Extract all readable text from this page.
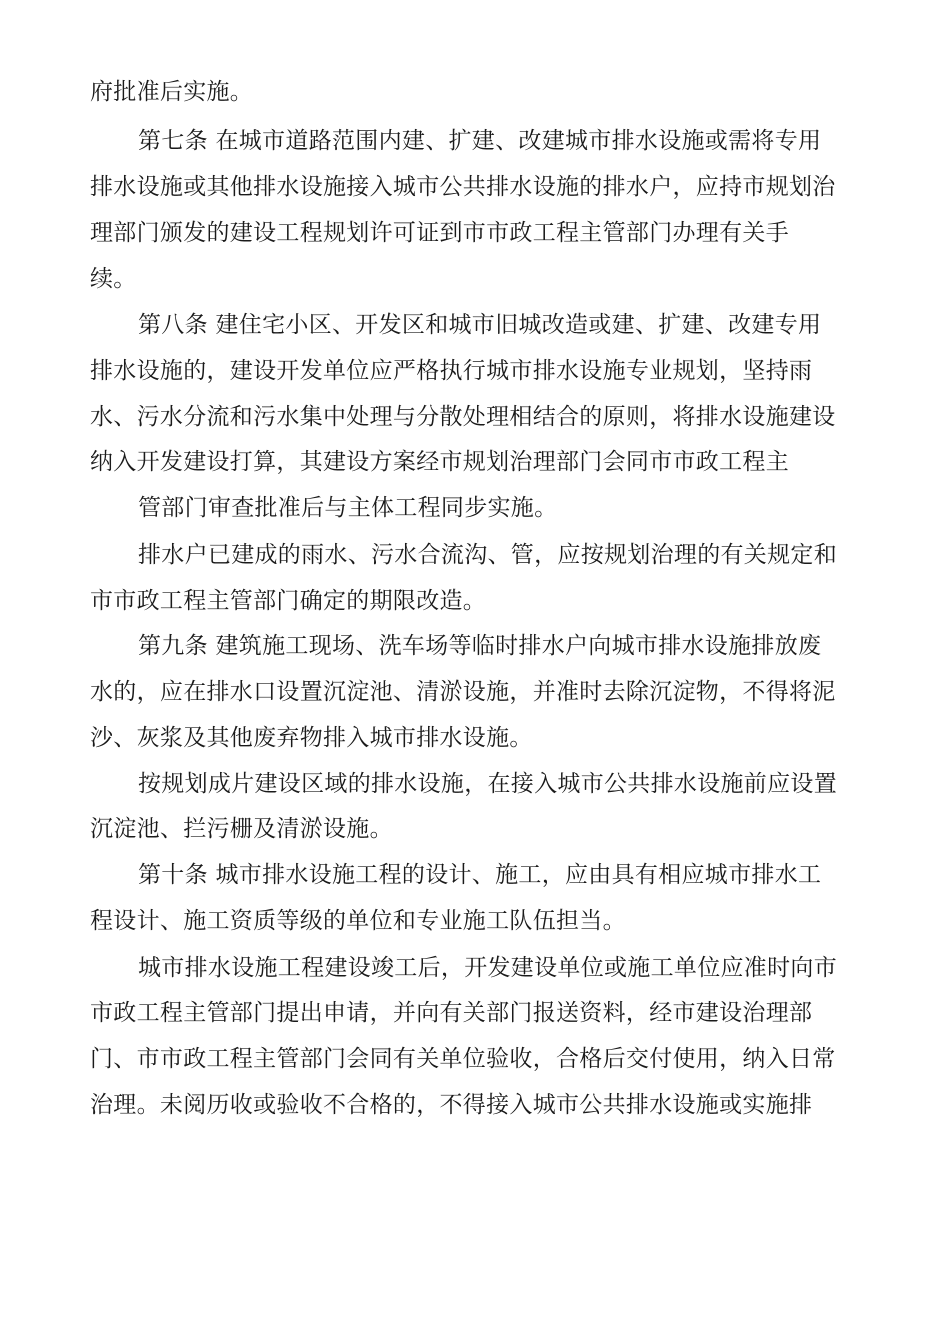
府批准后实施。
第七条 在城市道路范围内建、扩建、改建城市排水设施或需将专用
排水设施或其他排水设施接入城市公共排水设施的排水户，应持市规划治
理部门颁发的建设工程规划许可证到市市政工程主管部门办理有关手
续。
第八条 建住宅小区、开发区和城市旧城改造或建、扩建、改建专用
排水设施的，建设开发单位应严格执行城市排水设施专业规划，坚持雨
水、污水分流和污水集中处理与分散处理相结合的原则，将排水设施建设
纳入开发建设打算，其建设方案经市规划治理部门会同市市政工程主
管部门审查批准后与主体工程同步实施。
排水户已建成的雨水、污水合流沟、管，应按规划治理的有关规定和
市市政工程主管部门确定的期限改造。
第九条 建筑施工现场、洗车场等临时排水户向城市排水设施排放废
水的，应在排水口设置沉淀池、清淤设施，并准时去除沉淀物，不得将泥
沙、灰浆及其他废弃物排入城市排水设施。
按规划成片建设区域的排水设施，在接入城市公共排水设施前应设置
沉淀池、拦污栅及清淤设施。
第十条 城市排水设施工程的设计、施工，应由具有相应城市排水工
程设计、施工资质等级的单位和专业施工队伍担当。
城市排水设施工程建设竣工后，开发建设单位或施工单位应准时向市
市政工程主管部门提出申请，并向有关部门报送资料，经市建设治理部
门、市市政工程主管部门会同有关单位验收，合格后交付使用，纳入日常
治理。未阅历收或验收不合格的，不得接入城市公共排水设施或实施排
